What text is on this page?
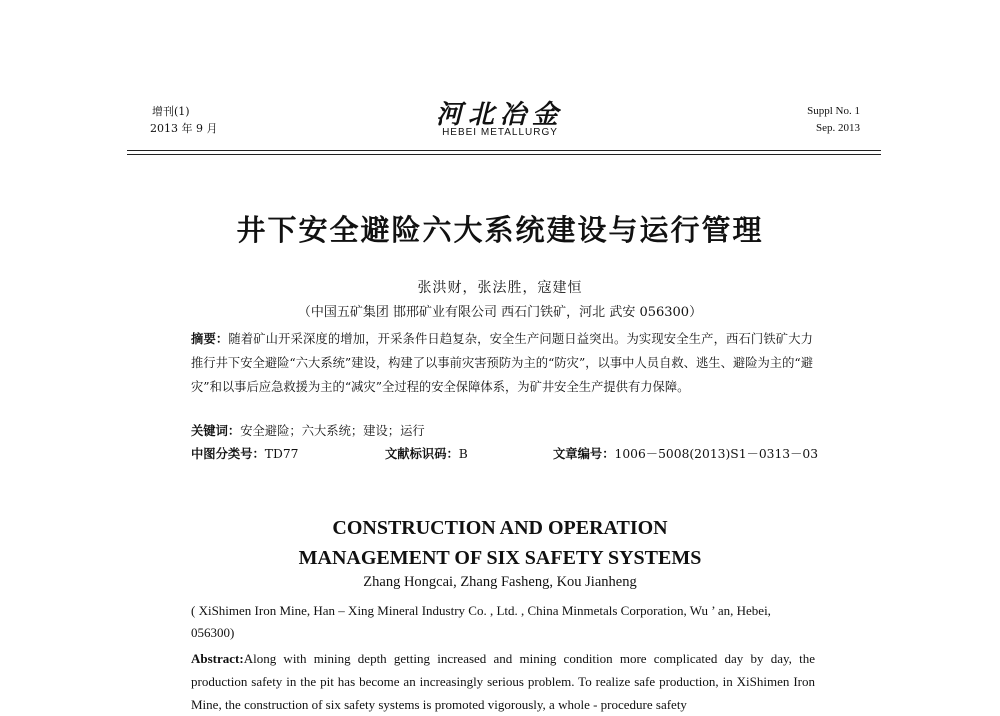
增刊(1)
2013 年 9 月	河北冶金
HEBEI METALLURGY
Suppl No. 1
Sep. 2013
井下安全避险六大系统建设与运行管理
张洪财，张法胜，寇建恒
（中国五矿集团 邯邢矿业有限公司 西石门铁矿，河北 武安 056300）
摘要：随着矿山开采深度的增加，开采条件日趋复杂，安全生产问题日益突出。为实现安全生产，西石门铁矿大力推行井下安全避险“六大系统”建设，构建了以事前灾害预防为主的“防灾”，以事中人员自救、逃生、避险为主的“避灾”和以事后应急救援为主的“减灾”全过程的安全保障体系，为矿井安全生产提供有力保障。
关键词：安全避险；六大系统；建设；运行
中图分类号：TD77	文献标识码：B	文章编号：1006－5008(2013)S1－0313－03
CONSTRUCTION AND OPERATION
MANAGEMENT OF SIX SAFETY SYSTEMS
Zhang Hongcai, Zhang Fasheng, Kou Jianheng
( XiShimen Iron Mine, Han – Xing Mineral Industry Co. , Ltd. , China Minmetals Corporation, Wu ’ an, Hebei, 056300)
Abstract:Along with mining depth getting increased and mining condition more complicated day by day, the production safety in the pit has become an increasingly serious problem. To realize safe production, in XiShimen Iron Mine, the construction of six safety systems is promoted vigorously, a whole - procedure safety
